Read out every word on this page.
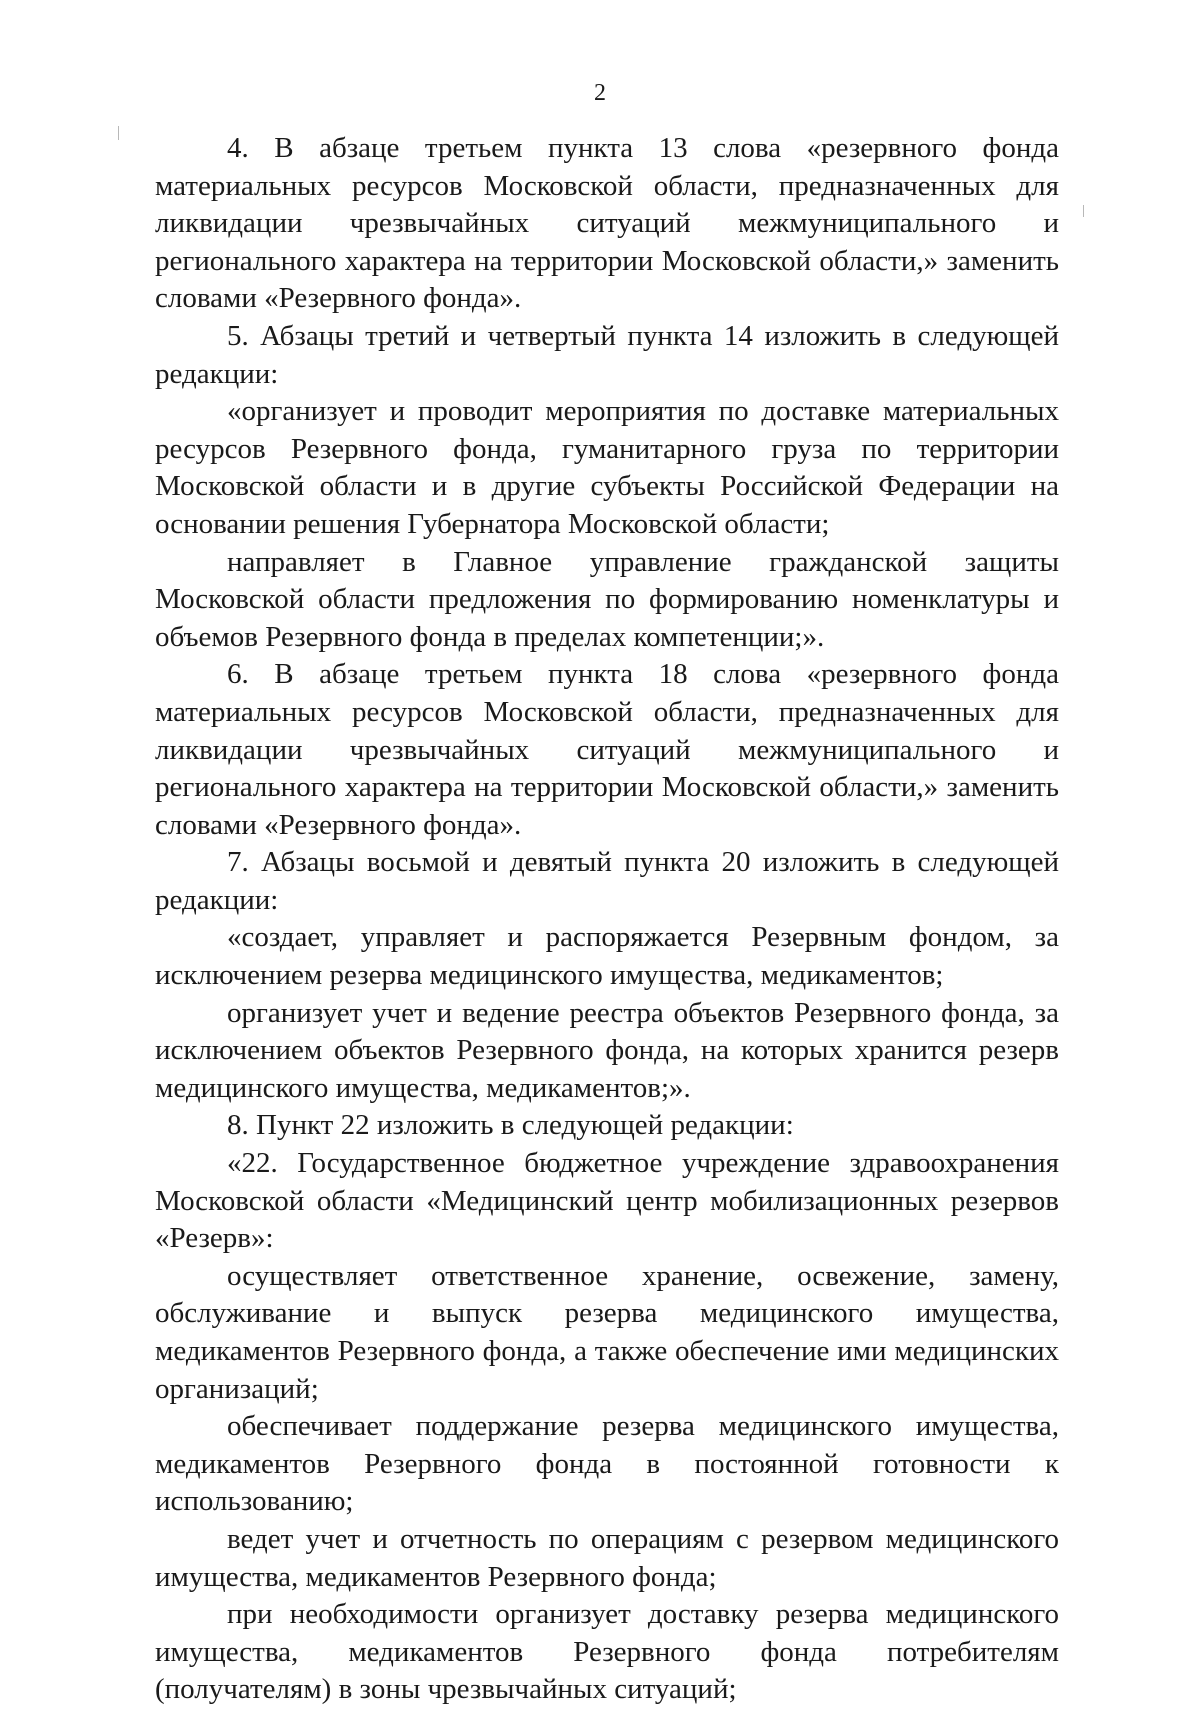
2

4. В абзаце третьем пункта 13 слова «резервного фонда материальных ресурсов Московской области, предназначенных для ликвидации чрезвычайных ситуаций межмуниципального и регионального характера на территории Московской области,» заменить словами «Резервного фонда».

5. Абзацы третий и четвертый пункта 14 изложить в следующей редакции:

«организует и проводит мероприятия по доставке материальных ресурсов Резервного фонда, гуманитарного груза по территории Московской области и в другие субъекты Российской Федерации на основании решения Губернатора Московской области;

направляет в Главное управление гражданской защиты Московской области предложения по формированию номенклатуры и объемов Резервного фонда в пределах компетенции;».

6. В абзаце третьем пункта 18 слова «резервного фонда материальных ресурсов Московской области, предназначенных для ликвидации чрезвычайных ситуаций межмуниципального и регионального характера на территории Московской области,» заменить словами «Резервного фонда».

7. Абзацы восьмой и девятый пункта 20 изложить в следующей редакции:

«создает, управляет и распоряжается Резервным фондом, за исключением резерва медицинского имущества, медикаментов;

организует учет и ведение реестра объектов Резервного фонда, за исключением объектов Резервного фонда, на которых хранится резерв медицинского имущества, медикаментов;».

8. Пункт 22 изложить в следующей редакции:

«22. Государственное бюджетное учреждение здравоохранения Московской области «Медицинский центр мобилизационных резервов «Резерв»:

осуществляет ответственное хранение, освежение, замену, обслуживание и выпуск резерва медицинского имущества, медикаментов Резервного фонда, а также обеспечение ими медицинских организаций;

обеспечивает поддержание резерва медицинского имущества, медикаментов Резервного фонда в постоянной готовности к использованию;

ведет учет и отчетность по операциям с резервом медицинского имущества, медикаментов Резервного фонда;

при необходимости организует доставку резерва медицинского имущества, медикаментов Резервного фонда потребителям (получателям) в зоны чрезвычайных ситуаций;
